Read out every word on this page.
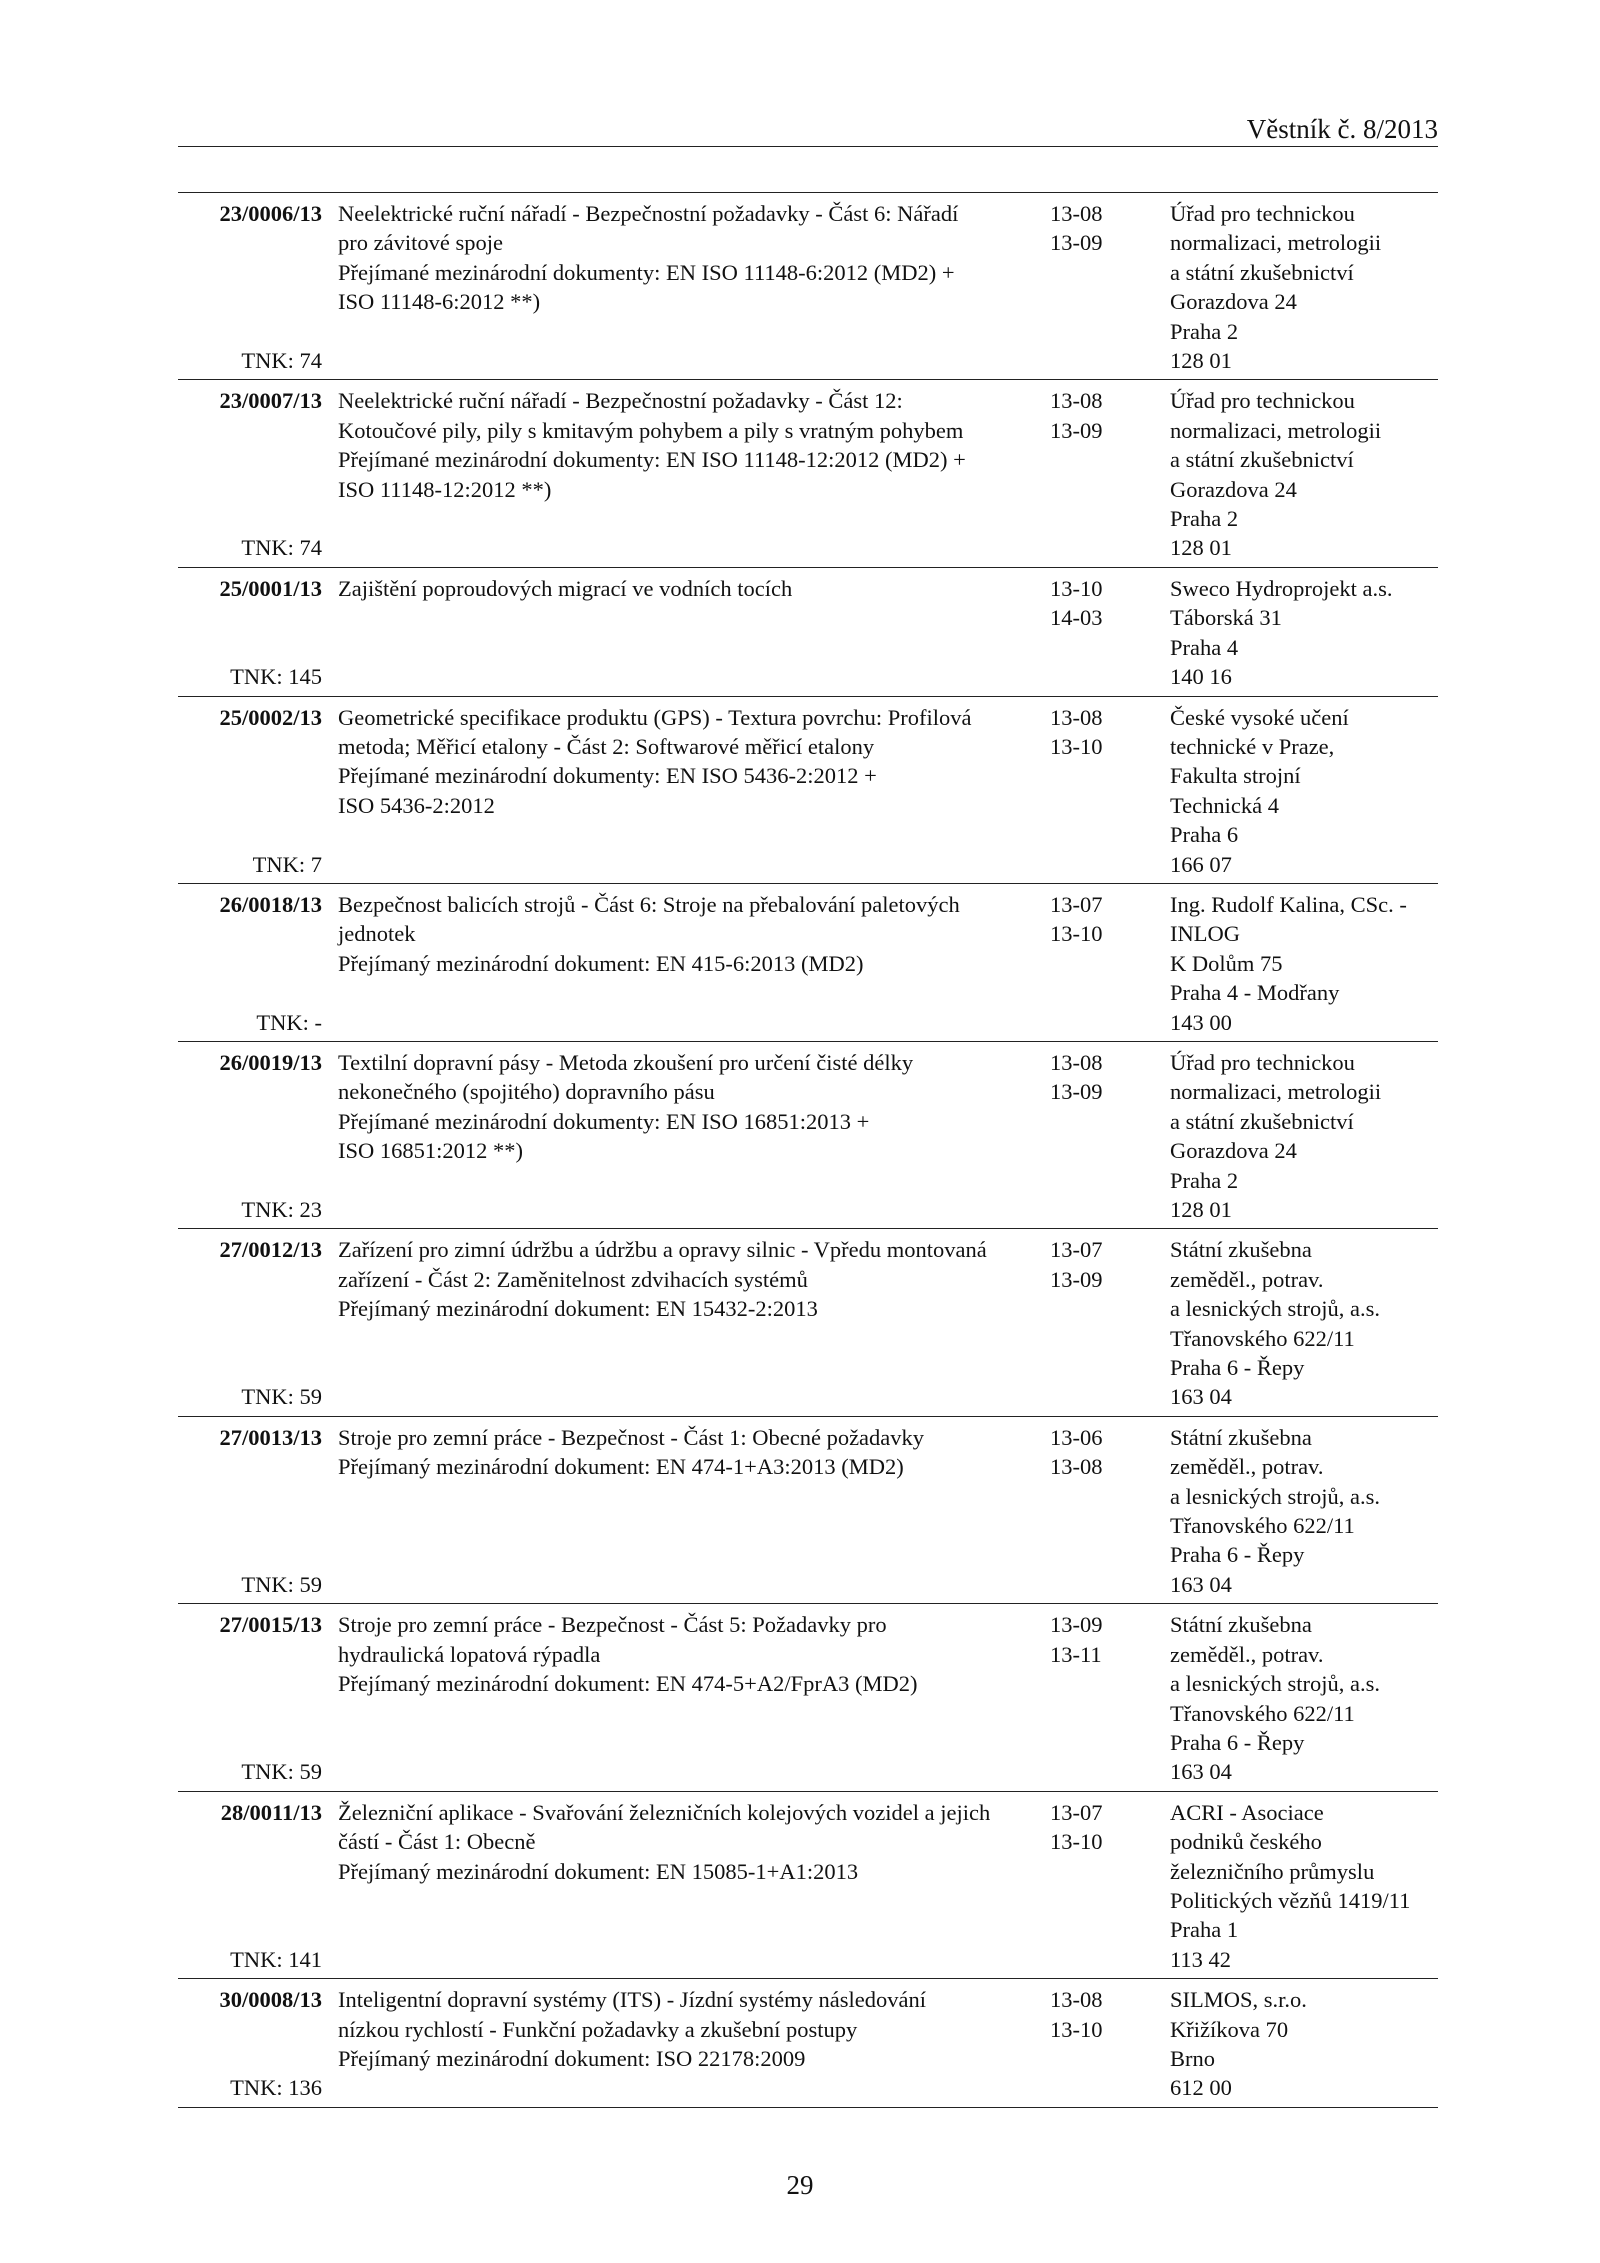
Věstník č. 8/2013
23/0006/13
TNK: 74
Neelektrické ruční nářadí - Bezpečnostní požadavky - Část 6: Nářadí
pro závitové spoje
Přejímané mezinárodní dokumenty: EN ISO 11148-6:2012 (MD2) +
ISO 11148-6:2012 **)
13-08
13-09
Úřad pro technickou
normalizaci, metrologii
a státní zkušebnictví
Gorazdova 24
Praha 2
128 01
23/0007/13
TNK: 74
Neelektrické ruční nářadí - Bezpečnostní požadavky - Část 12:
Kotoučové pily, pily s kmitavým pohybem a pily s vratným pohybem
Přejímané mezinárodní dokumenty: EN ISO 11148-12:2012 (MD2) +
ISO 11148-12:2012 **)
13-08
13-09
Úřad pro technickou
normalizaci, metrologii
a státní zkušebnictví
Gorazdova 24
Praha 2
128 01
25/0001/13
TNK: 145
Zajištění poproudových migrací ve vodních tocích	13-10
14-03
Sweco Hydroprojekt a.s.
Táborská 31
Praha 4
140 16
25/0002/13
TNK: 7
Geometrické specifikace produktu (GPS) - Textura povrchu: Profilová
metoda; Měřicí etalony - Část 2: Softwarové měřicí etalony
Přejímané mezinárodní dokumenty: EN ISO 5436-2:2012 +
ISO 5436-2:2012
13-08
13-10
České vysoké učení
technické v Praze,
Fakulta strojní
Technická 4
Praha 6
166 07
26/0018/13
TNK: -
Bezpečnost balicích strojů - Část 6: Stroje na přebalování paletových
jednotek
Přejímaný mezinárodní dokument: EN 415-6:2013 (MD2)
13-07
13-10
Ing. Rudolf Kalina, CSc. -
INLOG
K Dolům 75
Praha 4 - Modřany
143 00
26/0019/13
TNK: 23
Textilní dopravní pásy - Metoda zkoušení pro určení čisté délky
nekonečného (spojitého) dopravního pásu
Přejímané mezinárodní dokumenty: EN ISO 16851:2013 +
ISO 16851:2012 **)
13-08
13-09
Úřad pro technickou
normalizaci, metrologii
a státní zkušebnictví
Gorazdova 24
Praha 2
128 01
27/0012/13
TNK: 59
Zařízení pro zimní údržbu a údržbu a opravy silnic - Vpředu montovaná
zařízení - Část 2: Zaměnitelnost zdvihacích systémů
Přejímaný mezinárodní dokument: EN 15432-2:2013
13-07
13-09
Státní zkušebna
zeměděl., potrav.
a lesnických strojů, a.s.
Třanovského 622/11
Praha 6 - Řepy
163 04
27/0013/13
TNK: 59
Stroje pro zemní práce - Bezpečnost - Část 1: Obecné požadavky
Přejímaný mezinárodní dokument: EN 474-1+A3:2013 (MD2)
13-06
13-08
Státní zkušebna
zeměděl., potrav.
a lesnických strojů, a.s.
Třanovského 622/11
Praha 6 - Řepy
163 04
27/0015/13
TNK: 59
Stroje pro zemní práce - Bezpečnost - Část 5: Požadavky pro
hydraulická lopatová rýpadla
Přejímaný mezinárodní dokument: EN 474-5+A2/FprA3 (MD2)
13-09
13-11
Státní zkušebna
zeměděl., potrav.
a lesnických strojů, a.s.
Třanovského 622/11
Praha 6 - Řepy
163 04
28/0011/13
TNK: 141
Železniční aplikace - Svařování železničních kolejových vozidel a jejich
částí - Část 1: Obecně
Přejímaný mezinárodní dokument: EN 15085-1+A1:2013
13-07
13-10
ACRI - Asociace
podniků českého
železničního průmyslu
Politických vězňů 1419/11
Praha 1
113 42
30/0008/13
TNK: 136
Inteligentní dopravní systémy (ITS) - Jízdní systémy následování
nízkou rychlostí - Funkční požadavky a zkušební postupy
Přejímaný mezinárodní dokument: ISO 22178:2009
13-08
13-10
SILMOS, s.r.o.
Křižíkova 70
Brno
612 00
29
